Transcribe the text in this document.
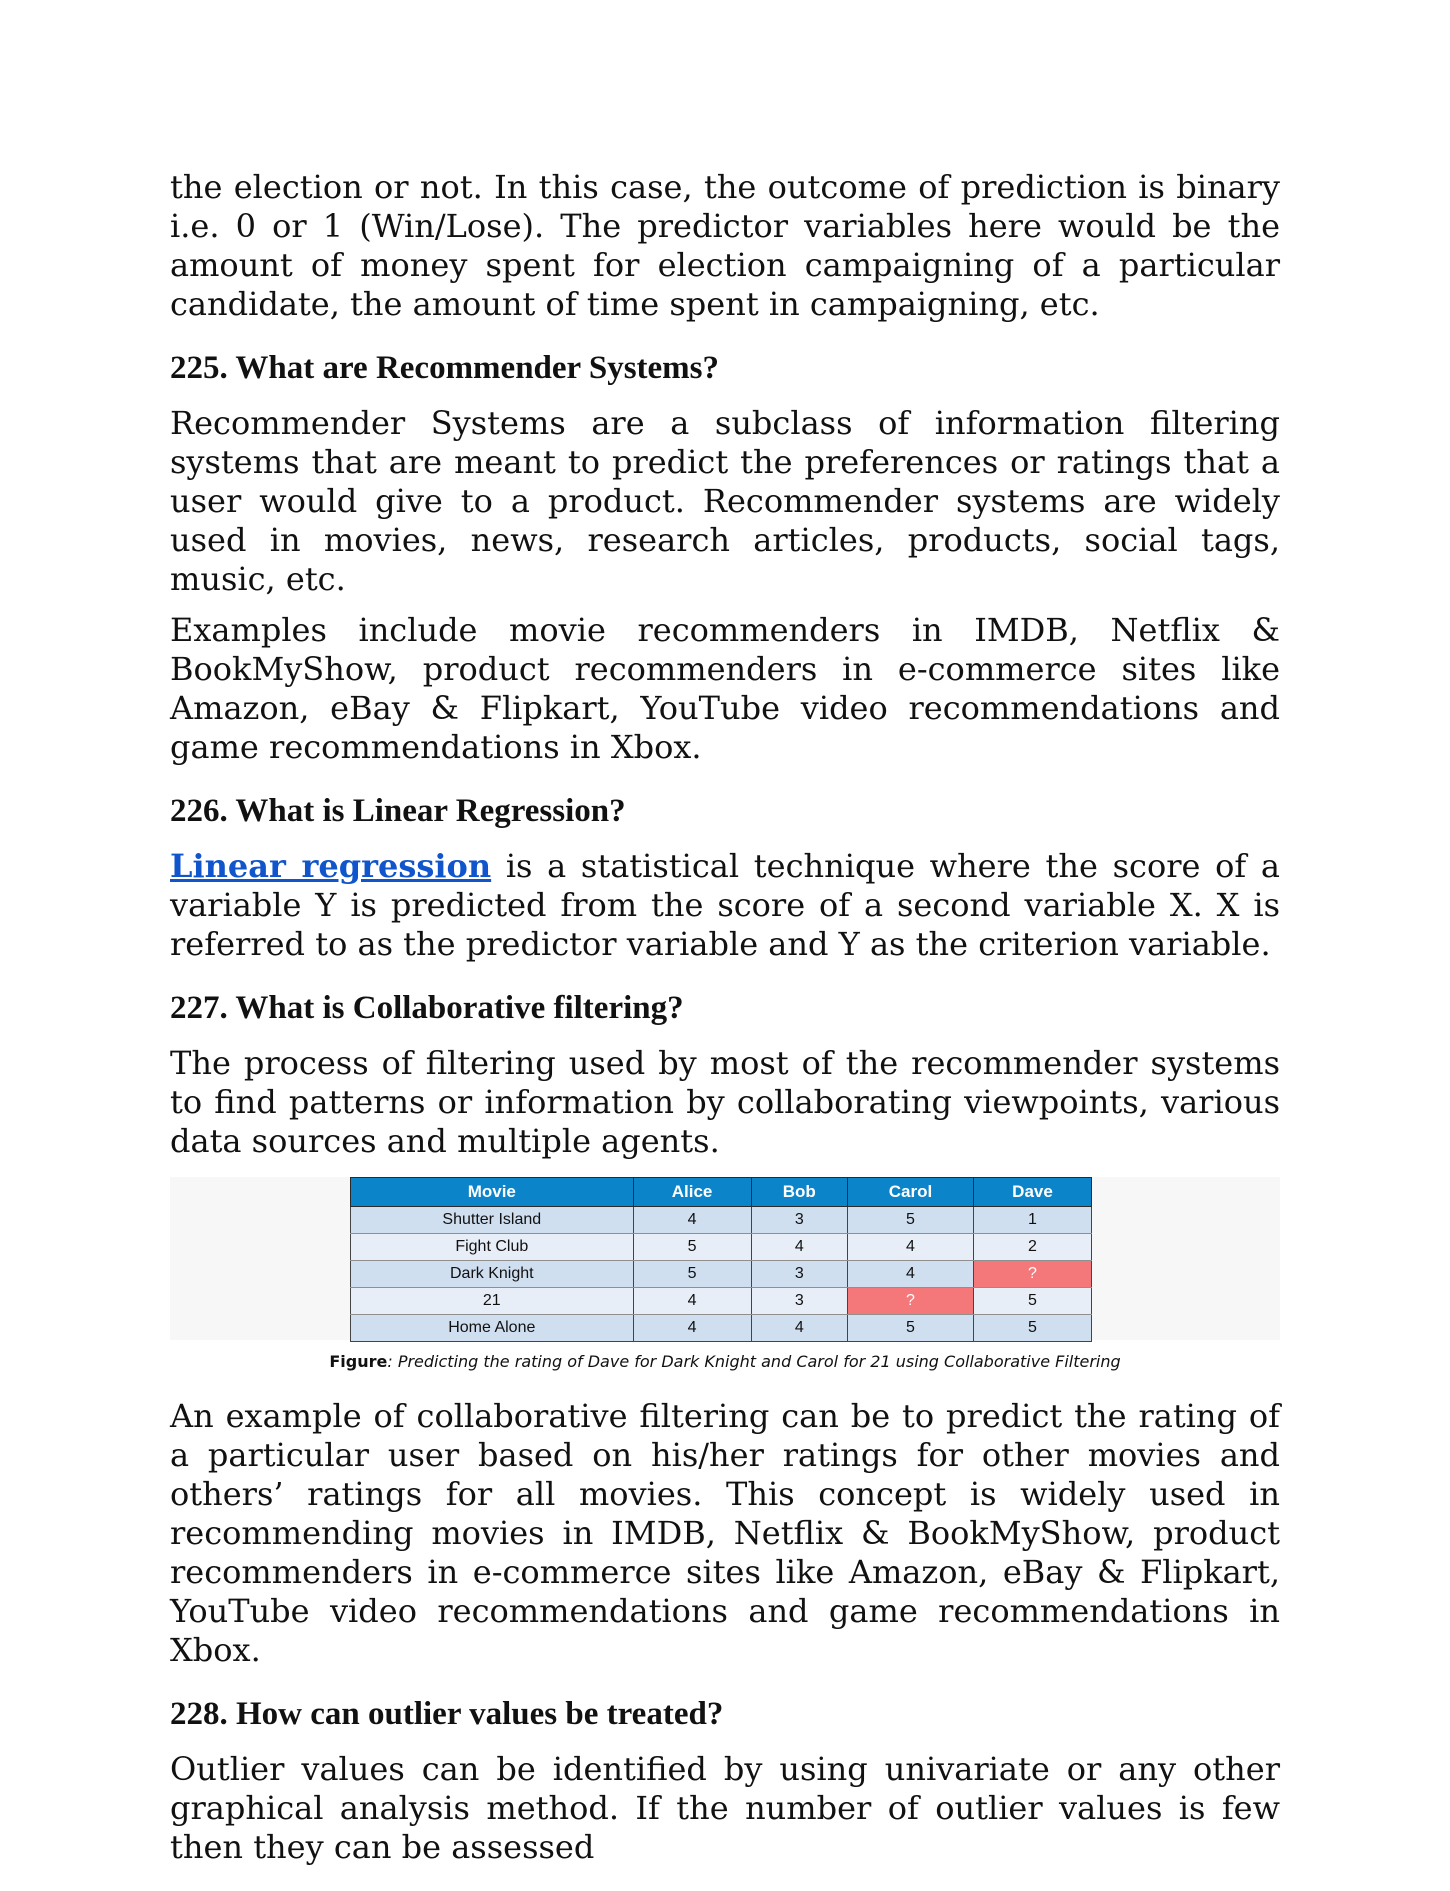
the election or not. In this case, the outcome of prediction is binary i.e. 0 or 1 (Win/Lose). The predictor variables here would be the amount of money spent for election campaigning of a particular candidate, the amount of time spent in campaigning, etc.

225. What are Recommender Systems?

Recommender Systems are a subclass of information filtering systems that are meant to predict the preferences or ratings that a user would give to a product. Recommender systems are widely used in movies, news, research articles, products, social tags, music, etc.

Examples include movie recommenders in IMDB, Netflix & BookMyShow, product recommenders in e-commerce sites like Amazon, eBay & Flipkart, YouTube video recommendations and game recommendations in Xbox.

226. What is Linear Regression?

Linear regression is a statistical technique where the score of a variable Y is predicted from the score of a second variable X. X is referred to as the predictor variable and Y as the criterion variable.

227. What is Collaborative filtering?

The process of filtering used by most of the recommender systems to find patterns or information by collaborating viewpoints, various data sources and multiple agents.

Movie	Alice	Bob	Carol	Dave
Shutter Island	4	3	5	1
Fight Club	5	4	4	2
Dark Knight	5	3	4	?
21	4	3	?	5
Home Alone	4	4	5	5
Figure: Predicting the rating of Dave for Dark Knight and Carol for 21 using Collaborative Filtering

An example of collaborative filtering can be to predict the rating of a particular user based on his/her ratings for other movies and others’ ratings for all movies. This concept is widely used in recommending movies in IMDB, Netflix & BookMyShow, product recommenders in e-commerce sites like Amazon, eBay & Flipkart, YouTube video recommendations and game recommendations in Xbox.

228. How can outlier values be treated?

Outlier values can be identified by using univariate or any other graphical analysis method. If the number of outlier values is few then they can be assessed
